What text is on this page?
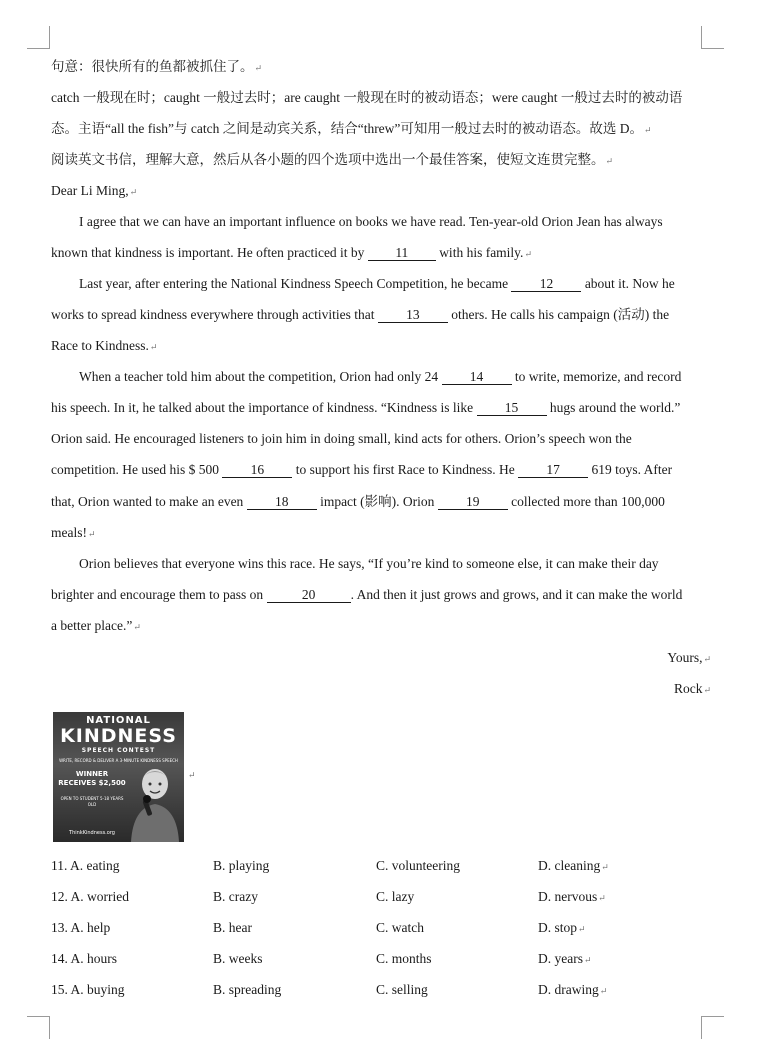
句意：很快所有的鱼都被抓住了。↵
catch 一般现在时；caught 一般过去时；are caught 一般现在时的被动语态；were caught 一般过去时的被动语
态。主语“all the fish”与 catch 之间是动宾关系，结合“threw”可知用一般过去时的被动语态。故选 D。↵
阅读英文书信，理解大意，然后从各小题的四个选项中选出一个最佳答案，使短文连贯完整。↵
Dear Li Ming,↵
I agree that we can have an important influence on books we have read. Ten-year-old Orion Jean has always
known that kindness is important. He often practiced it by 11 with his family.↵
Last year, after entering the National Kindness Speech Competition, he became 12 about it. Now he
works to spread kindness everywhere through activities that 13 others. He calls his campaign (活动) the
Race to Kindness.↵
When a teacher told him about the competition, Orion had only 24 14 to write, memorize, and record
his speech. In it, he talked about the importance of kindness. “Kindness is like 15 hugs around the world.”
Orion said. He encouraged listeners to join him in doing small, kind acts for others. Orion’s speech won the
competition. He used his $ 500 16 to support his first Race to Kindness. He 17 619 toys. After
that, Orion wanted to make an even 18 impact (影响). Orion 19 collected more than 100,000
meals!↵
Orion believes that everyone wins this race. He says, “If you’re kind to someone else, it can make their day
brighter and encourage them to pass on	20	. And then it just grows and grows, and it can make the world
a better place.”↵
Yours,↵
Rock↵
NATIONAL
KINDNESS
SPEECH CONTEST
WRITE, RECORD & DELIVER A 3-MINUTE KINDNESS SPEECH
WINNER RECEIVES $2,500
OPEN TO STUDENT 5-18 YEARS OLD
ThinkKindness.org
↵
11. A. eating	B. playing	C. volunteering	D. cleaning↵
12. A. worried	B. crazy	C. lazy	D. nervous↵
13. A. help	B. hear	C. watch	D. stop↵
14. A. hours	B. weeks	C. months	D. years↵
15. A. buying	B. spreading	C. selling	D. drawing↵
